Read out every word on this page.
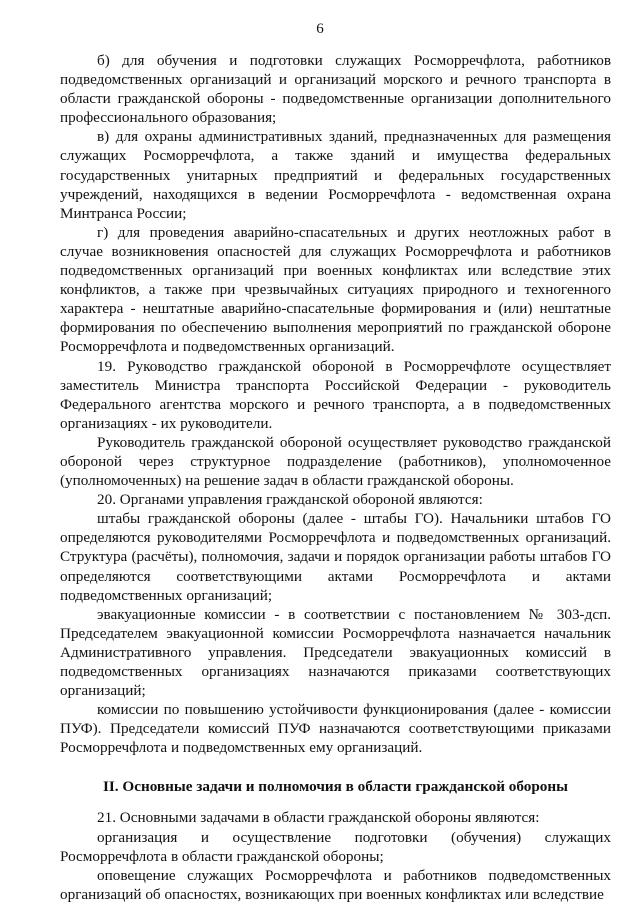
6

б) для обучения и подготовки служащих Росморречфлота, работников подведомственных организаций и организаций морского и речного транспорта в области гражданской обороны - подведомственные организации дополнительного профессионального образования;

в) для охраны административных зданий, предназначенных для размещения служащих Росморречфлота, а также зданий и имущества федеральных государственных унитарных предприятий и федеральных государственных учреждений, находящихся в ведении Росморречфлота - ведомственная охрана Минтранса России;

г) для проведения аварийно-спасательных и других неотложных работ в случае возникновения опасностей для служащих Росморречфлота и работников подведомственных организаций при военных конфликтах или вследствие этих конфликтов, а также при чрезвычайных ситуациях природного и техногенного характера - нештатные аварийно-спасательные формирования и (или) нештатные формирования по обеспечению выполнения мероприятий по гражданской обороне Росморречфлота и подведомственных организаций.

19. Руководство гражданской обороной в Росморречфлоте осуществляет заместитель Министра транспорта Российской Федерации - руководитель Федерального агентства морского и речного транспорта, а в подведомственных организациях - их руководители.

Руководитель гражданской обороной осуществляет руководство гражданской обороной через структурное подразделение (работников), уполномоченное (уполномоченных) на решение задач в области гражданской обороны.

20. Органами управления гражданской обороной являются:

штабы гражданской обороны (далее - штабы ГО). Начальники штабов ГО определяются руководителями Росморречфлота и подведомственных организаций. Структура (расчёты), полномочия, задачи и порядок организации работы штабов ГО определяются соответствующими актами Росморречфлота и актами подведомственных организаций;

эвакуационные комиссии - в соответствии с постановлением № 303-дсп. Председателем эвакуационной комиссии Росморречфлота назначается начальник Административного управления. Председатели эвакуационных комиссий в подведомственных организациях назначаются приказами соответствующих организаций;

комиссии по повышению устойчивости функционирования (далее - комиссии ПУФ). Председатели комиссий ПУФ назначаются соответствующими приказами Росморречфлота и подведомственных ему организаций.

II. Основные задачи и полномочия в области гражданской обороны

21. Основными задачами в области гражданской обороны являются:

организация и осуществление подготовки (обучения) служащих Росморречфлота в области гражданской обороны;

оповещение служащих Росморречфлота и работников подведомственных организаций об опасностях, возникающих при военных конфликтах или вследствие
